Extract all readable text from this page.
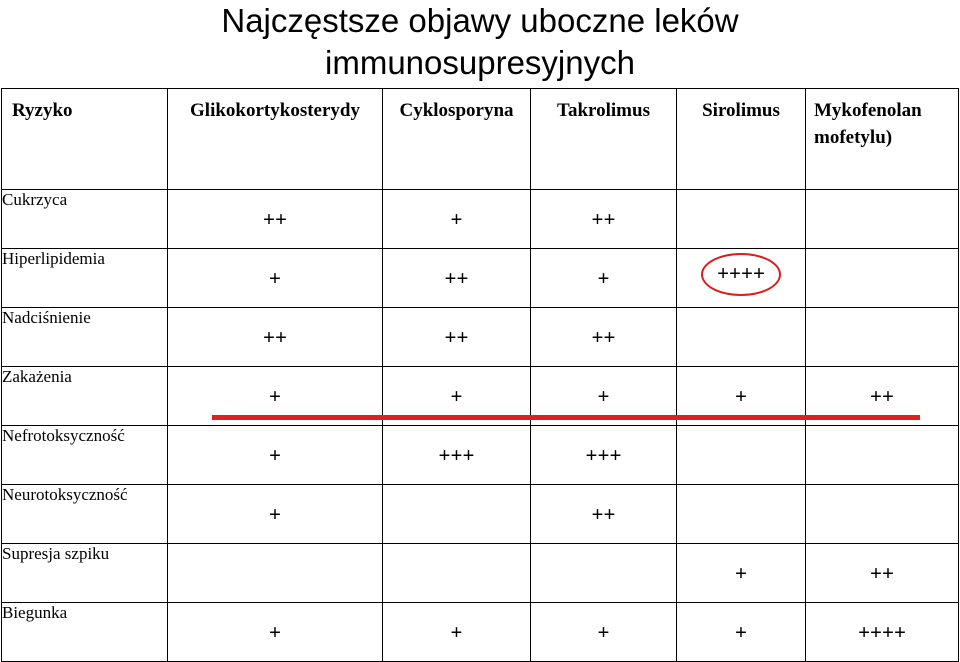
Najczęstsze objawy uboczne leków
immunosupresyjnych
Ryzyko	Glikokortykosterydy	Cyklosporyna	Takrolimus	Sirolimus	Mykofenolan mofetylu)
Cukrzyca	++	+	++		
Hiperlipidemia	+	++	+	++++	
Nadciśnienie	++	++	++		
Zakażenia	+	+	+	+	++
Nefrotoksyczność	+	+++	+++		
Neurotoksyczność	+		++		
Supresja szpiku				+	++
Biegunka	+	+	+	+	++++
